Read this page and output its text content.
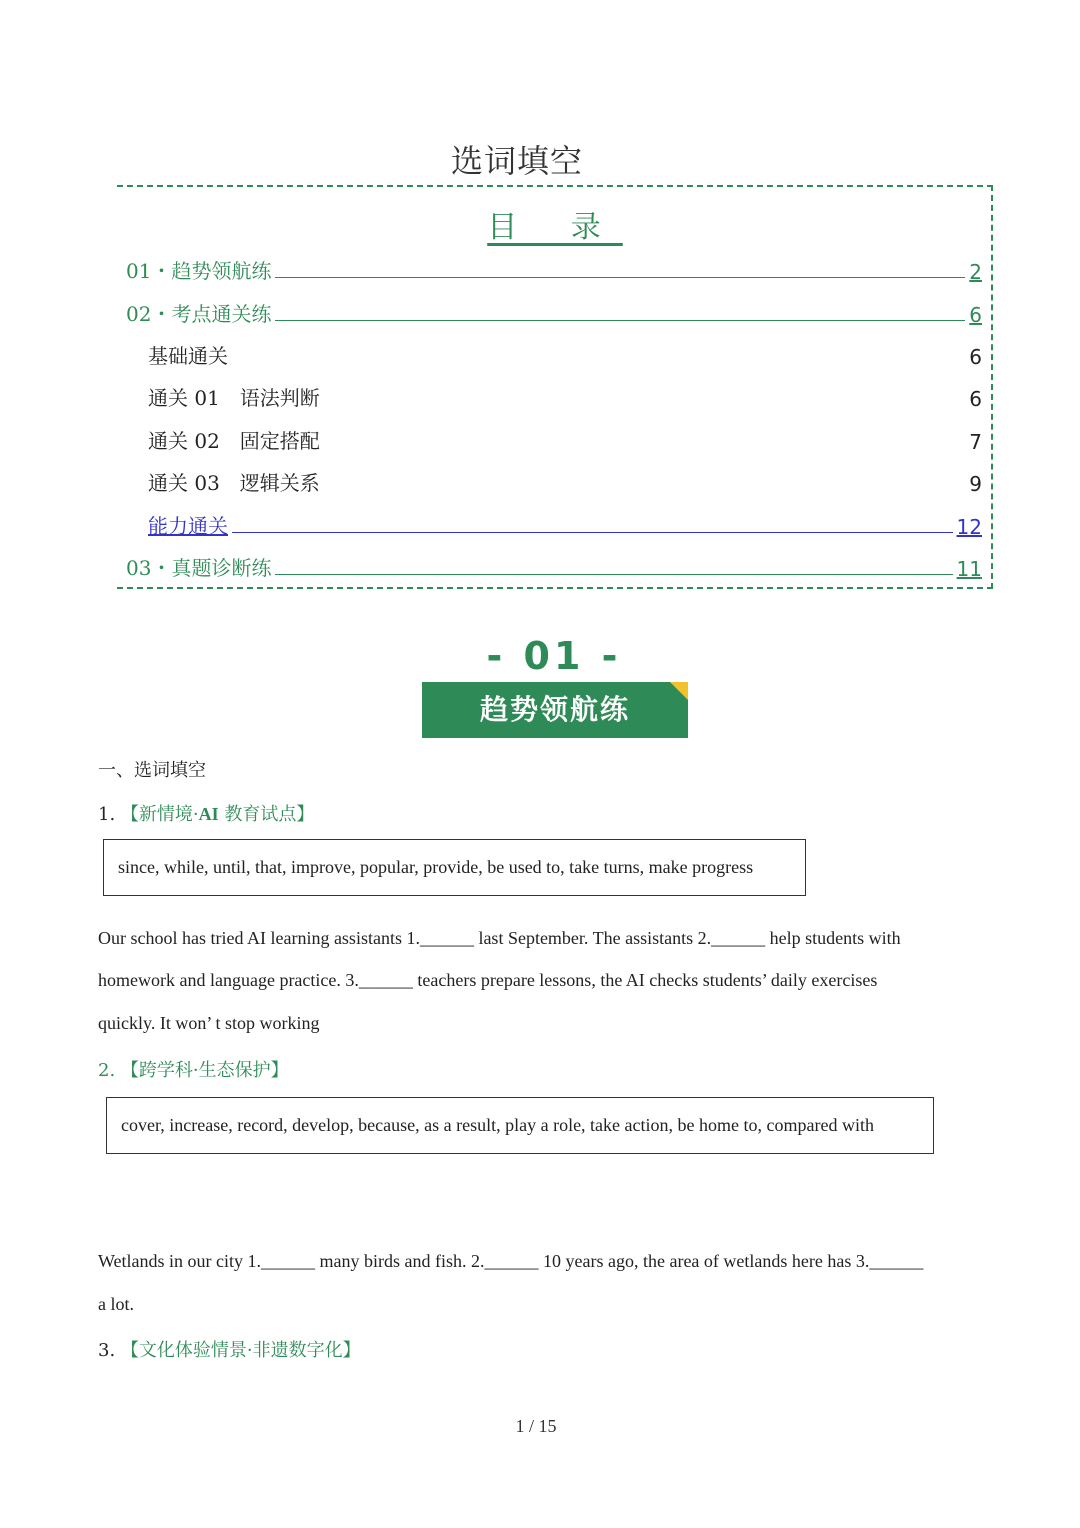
选词填空
目 录
01・趋势领航练	2
02・考点通关练	6
基础通关	6
通关 01　语法判断	6
通关 02　固定搭配	7
通关 03　逻辑关系	9
能力通关	12
03・真题诊断练	11
- 01 -
趋势领航练
一、选词填空
1. 【新情境·AI 教育试点】
since, while, until, that, improve, popular, provide, be used to, take turns, make progress
Our school has tried AI learning assistants 1.______ last September. The assistants 2.______ help students with
homework and language practice. 3.______ teachers prepare lessons, the AI checks students’ daily exercises
quickly. It won’ t stop working
2. 【跨学科·生态保护】
cover, increase, record, develop, because, as a result, play a role, take action, be home to, compared with
Wetlands in our city 1.______ many birds and fish. 2.______ 10 years ago, the area of wetlands here has 3.______
a lot.
3. 【文化体验情景·非遗数字化】
1 / 15
